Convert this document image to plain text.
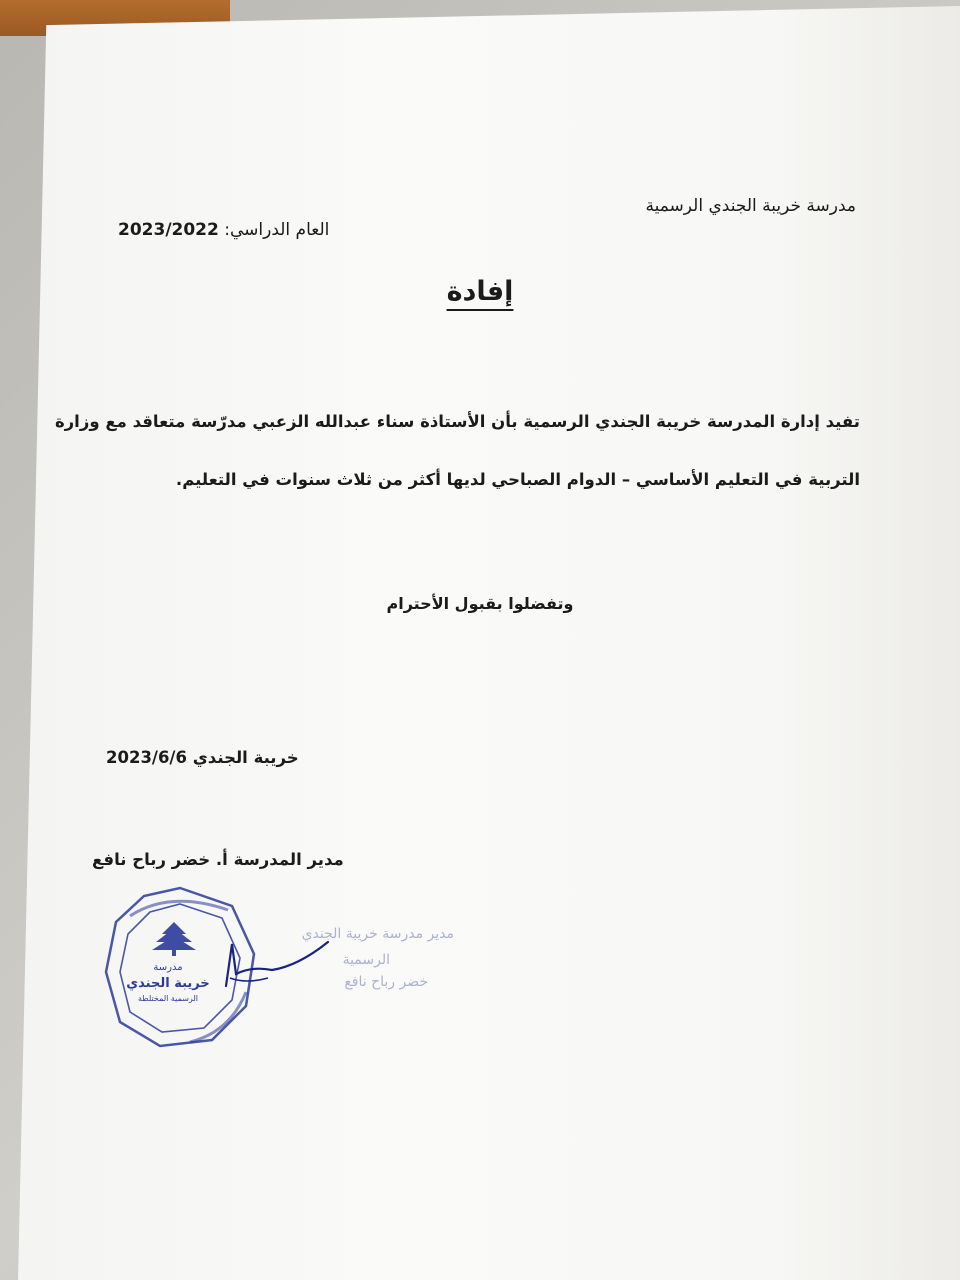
مدرسة خريبة الجندي الرسمية
2023/2022 العام الدراسي:
إفادة
تفيد إدارة المدرسة خريبة الجندي الرسمية بأن الأستاذة سناء عبدالله الزعبي مدرّسة متعاقد مع وزارة
التربية في التعليم الأساسي – الدوام الصباحي لديها أكثر من ثلاث سنوات في التعليم.
وتفضلوا بقبول الأحترام
2023/6/6 خريبة الجندي
مدير المدرسة أ. خضر رباح نافع
مدرسة
خريبة الجندي
الرسمية المختلطة
مدير مدرسة خريبة الجندي
الرسمية
خضر رباح نافع
